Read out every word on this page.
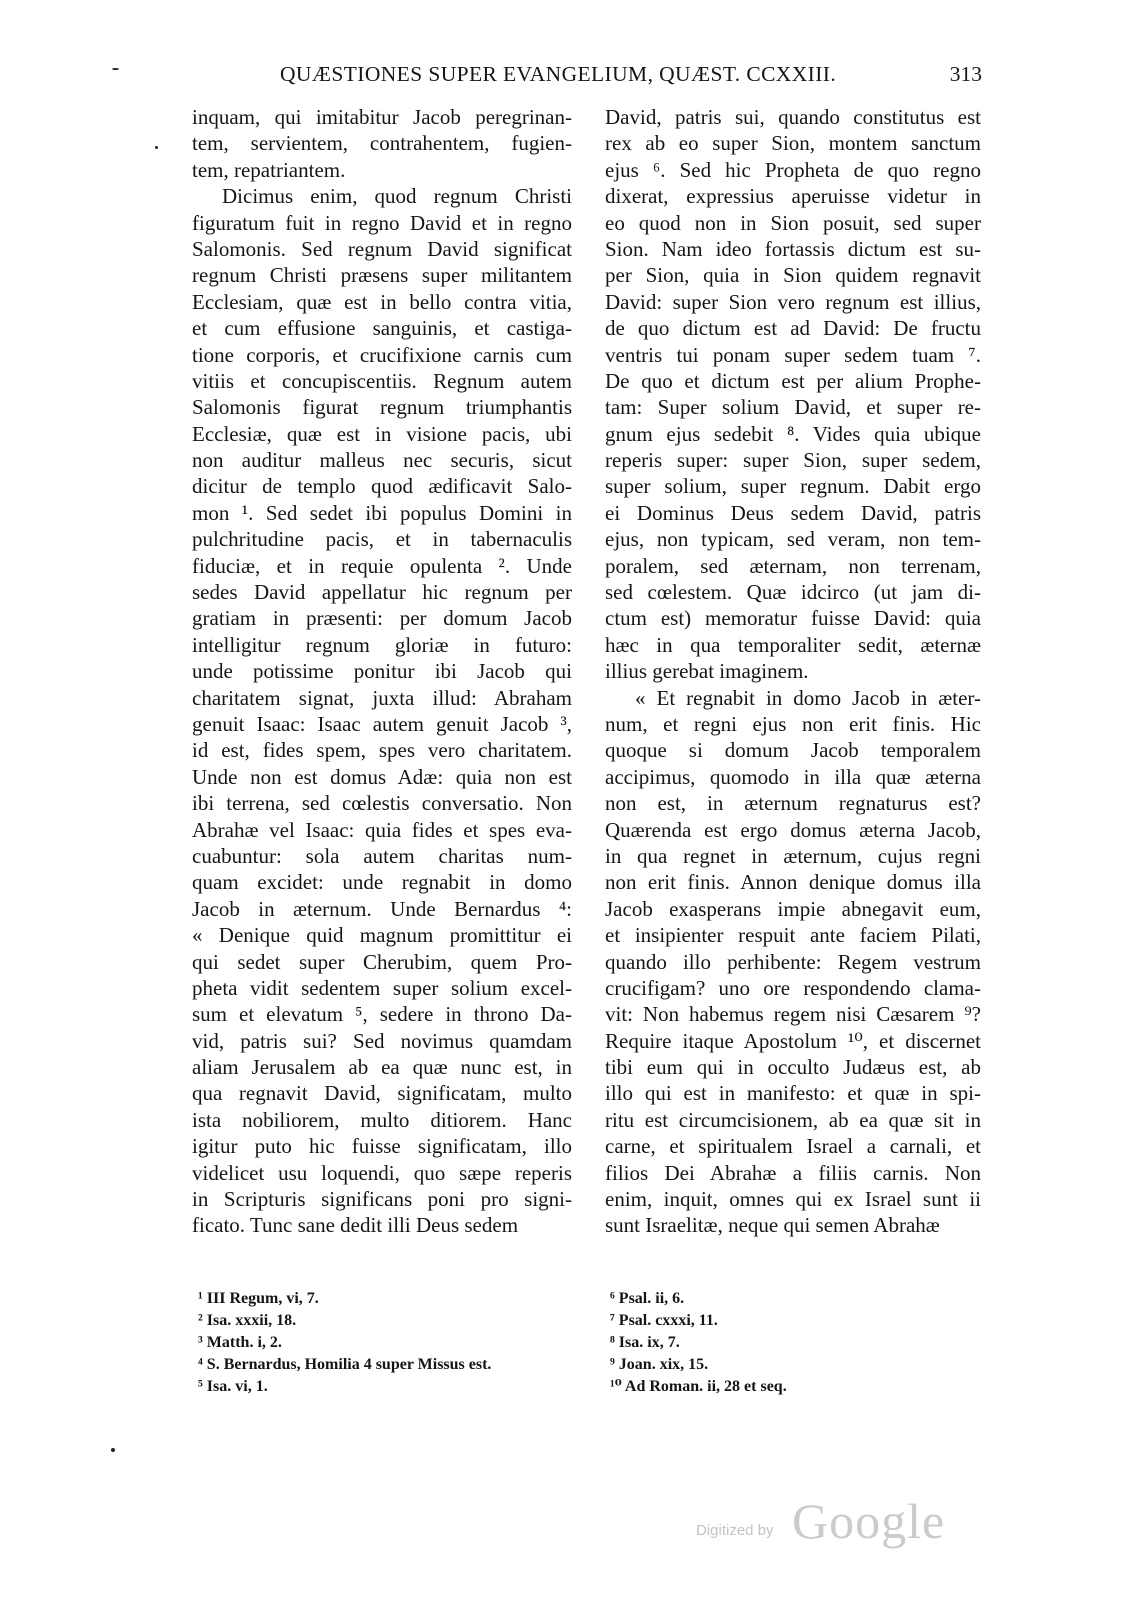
QUÆSTIONES SUPER EVANGELIUM, QUÆST. CCXXIII.	313
inquam, qui imitabitur Jacob peregrinan-
tem, servientem, contrahentem, fugien-
tem, repatriantem.
Dicimus enim, quod regnum Christi
figuratum fuit in regno David et in regno
Salomonis. Sed regnum David significat
regnum Christi præsens super militantem
Ecclesiam, quæ est in bello contra vitia,
et cum effusione sanguinis, et castiga-
tione corporis, et crucifixione carnis cum
vitiis et concupiscentiis. Regnum autem
Salomonis figurat regnum triumphantis
Ecclesiæ, quæ est in visione pacis, ubi
non auditur malleus nec securis, sicut
dicitur de templo quod ædificavit Salo-
mon ¹. Sed sedet ibi populus Domini in
pulchritudine pacis, et in tabernaculis
fiduciæ, et in requie opulenta ². Unde
sedes David appellatur hic regnum per
gratiam in præsenti: per domum Jacob
intelligitur regnum gloriæ in futuro:
unde potissime ponitur ibi Jacob qui
charitatem signat, juxta illud: Abraham
genuit Isaac: Isaac autem genuit Jacob ³,
id est, fides spem, spes vero charitatem.
Unde non est domus Adæ: quia non est
ibi terrena, sed cœlestis conversatio. Non
Abrahæ vel Isaac: quia fides et spes eva-
cuabuntur: sola autem charitas num-
quam excidet: unde regnabit in domo
Jacob in æternum. Unde Bernardus ⁴:
« Denique quid magnum promittitur ei
qui sedet super Cherubim, quem Pro-
pheta vidit sedentem super solium excel-
sum et elevatum ⁵, sedere in throno Da-
vid, patris sui? Sed novimus quamdam
aliam Jerusalem ab ea quæ nunc est, in
qua regnavit David, significatam, multo
ista nobiliorem, multo ditiorem. Hanc
igitur puto hic fuisse significatam, illo
videlicet usu loquendi, quo sæpe reperis
in Scripturis significans poni pro signi-
ficato. Tunc sane dedit illi Deus sedem
David, patris sui, quando constitutus est
rex ab eo super Sion, montem sanctum
ejus ⁶. Sed hic Propheta de quo regno
dixerat, expressius aperuisse videtur in
eo quod non in Sion posuit, sed super
Sion. Nam ideo fortassis dictum est su-
per Sion, quia in Sion quidem regnavit
David: super Sion vero regnum est illius,
de quo dictum est ad David: De fructu
ventris tui ponam super sedem tuam ⁷.
De quo et dictum est per alium Prophe-
tam: Super solium David, et super re-
gnum ejus sedebit ⁸. Vides quia ubique
reperis super: super Sion, super sedem,
super solium, super regnum. Dabit ergo
ei Dominus Deus sedem David, patris
ejus, non typicam, sed veram, non tem-
poralem, sed æternam, non terrenam,
sed cœlestem. Quæ idcirco (ut jam di-
ctum est) memoratur fuisse David: quia
hæc in qua temporaliter sedit, æternæ
illius gerebat imaginem.
« Et regnabit in domo Jacob in æter-
num, et regni ejus non erit finis. Hic
quoque si domum Jacob temporalem
accipimus, quomodo in illa quæ æterna
non est, in æternum regnaturus est?
Quærenda est ergo domus æterna Jacob,
in qua regnet in æternum, cujus regni
non erit finis. Annon denique domus illa
Jacob exasperans impie abnegavit eum,
et insipienter respuit ante faciem Pilati,
quando illo perhibente: Regem vestrum
crucifigam? uno ore respondendo clama-
vit: Non habemus regem nisi Cæsarem ⁹?
Require itaque Apostolum ¹⁰, et discernet
tibi eum qui in occulto Judæus est, ab
illo qui est in manifesto: et quæ in spi-
ritu est circumcisionem, ab ea quæ sit in
carne, et spiritualem Israel a carnali, et
filios Dei Abrahæ a filiis carnis. Non
enim, inquit, omnes qui ex Israel sunt ii
sunt Israelitæ, neque qui semen Abrahæ
¹ III Regum, vi, 7.
² Isa. xxxii, 18.
³ Matth. i, 2.
⁴ S. Bernardus, Homilia 4 super Missus est.
⁵ Isa. vi, 1.
⁶ Psal. ii, 6.
⁷ Psal. cxxxi, 11.
⁸ Isa. ix, 7.
⁹ Joan. xix, 15.
¹⁰ Ad Roman. ii, 28 et seq.
Digitized by Google
